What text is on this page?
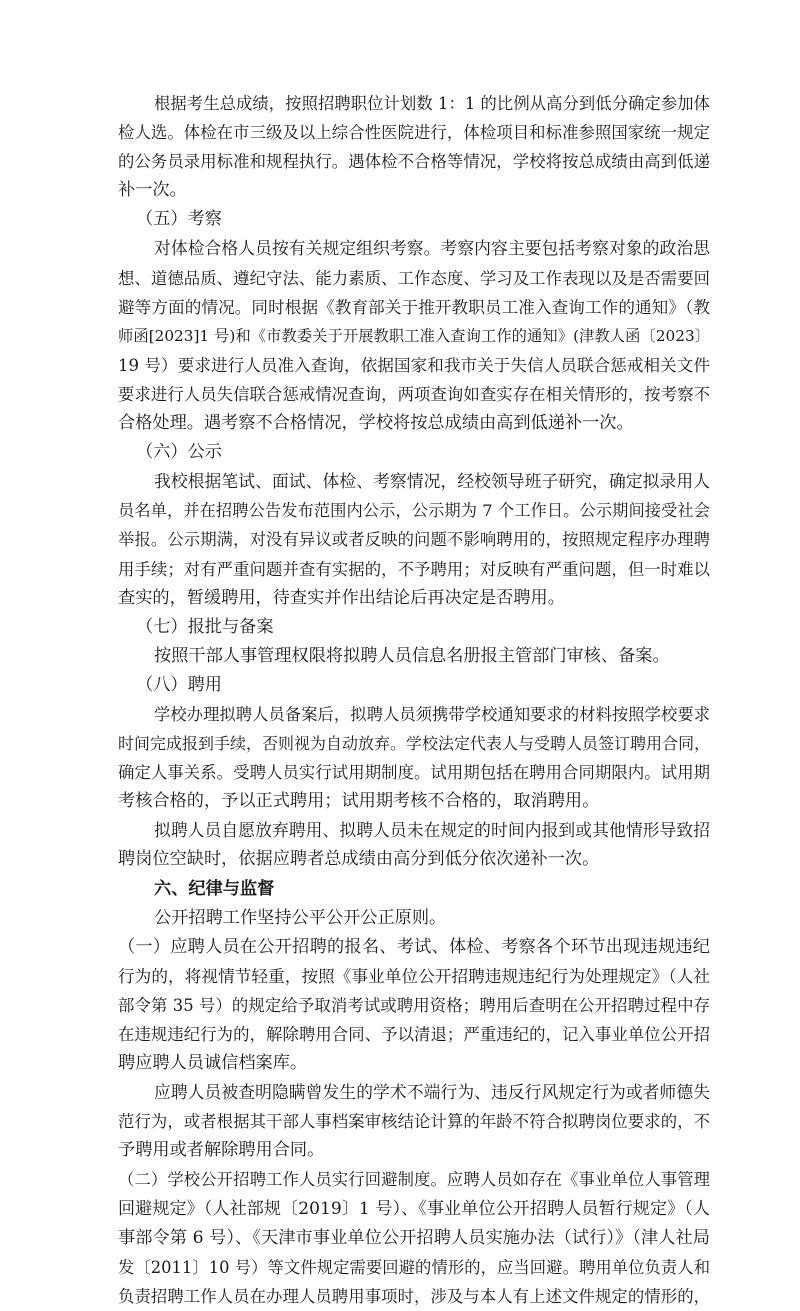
根据考生总成绩，按照招聘职位计划数 1：1 的比例从高分到低分确定参加体
检人选。体检在市三级及以上综合性医院进行，体检项目和标准参照国家统一规定
的公务员录用标准和规程执行。遇体检不合格等情况，学校将按总成绩由高到低递
补一次。
（五）考察
对体检合格人员按有关规定组织考察。考察内容主要包括考察对象的政治思
想、道德品质、遵纪守法、能力素质、工作态度、学习及工作表现以及是否需要回
避等方面的情况。同时根据《教育部关于推开教职员工准入查询工作的通知》（教
师函[2023]1 号)和《市教委关于开展教职工准入查询工作的通知》(津教人函〔2023〕
19 号）要求进行人员准入查询，依据国家和我市关于失信人员联合惩戒相关文件
要求进行人员失信联合惩戒情况查询，两项查询如查实存在相关情形的，按考察不
合格处理。遇考察不合格情况，学校将按总成绩由高到低递补一次。
（六）公示
我校根据笔试、面试、体检、考察情况，经校领导班子研究，确定拟录用人
员名单，并在招聘公告发布范围内公示，公示期为 7 个工作日。公示期间接受社会
举报。公示期满，对没有异议或者反映的问题不影响聘用的，按照规定程序办理聘
用手续；对有严重问题并查有实据的，不予聘用；对反映有严重问题，但一时难以
查实的，暂缓聘用，待查实并作出结论后再决定是否聘用。
（七）报批与备案
按照干部人事管理权限将拟聘人员信息名册报主管部门审核、备案。
（八）聘用
学校办理拟聘人员备案后，拟聘人员须携带学校通知要求的材料按照学校要求
时间完成报到手续，否则视为自动放弃。学校法定代表人与受聘人员签订聘用合同，
确定人事关系。受聘人员实行试用期制度。试用期包括在聘用合同期限内。试用期
考核合格的，予以正式聘用；试用期考核不合格的，取消聘用。
拟聘人员自愿放弃聘用、拟聘人员未在规定的时间内报到或其他情形导致招
聘岗位空缺时，依据应聘者总成绩由高分到低分依次递补一次。
六、纪律与监督
公开招聘工作坚持公平公开公正原则。
（一）应聘人员在公开招聘的报名、考试、体检、考察各个环节出现违规违纪
行为的，将视情节轻重，按照《事业单位公开招聘违规违纪行为处理规定》（人社
部令第 35 号）的规定给予取消考试或聘用资格；聘用后查明在公开招聘过程中存
在违规违纪行为的，解除聘用合同、予以清退；严重违纪的，记入事业单位公开招
聘应聘人员诚信档案库。
应聘人员被查明隐瞒曾发生的学术不端行为、违反行风规定行为或者师德失
范行为，或者根据其干部人事档案审核结论计算的年龄不符合拟聘岗位要求的，不
予聘用或者解除聘用合同。
（二）学校公开招聘工作人员实行回避制度。应聘人员如存在《事业单位人事管理
回避规定》（人社部规〔2019〕1 号）、《事业单位公开招聘人员暂行规定》（人
事部令第 6 号）、《天津市事业单位公开招聘人员实施办法（试行）》（津人社局
发〔2011〕10 号）等文件规定需要回避的情形的，应当回避。聘用单位负责人和
负责招聘工作人员在办理人员聘用事项时，涉及与本人有上述文件规定的情形的，
